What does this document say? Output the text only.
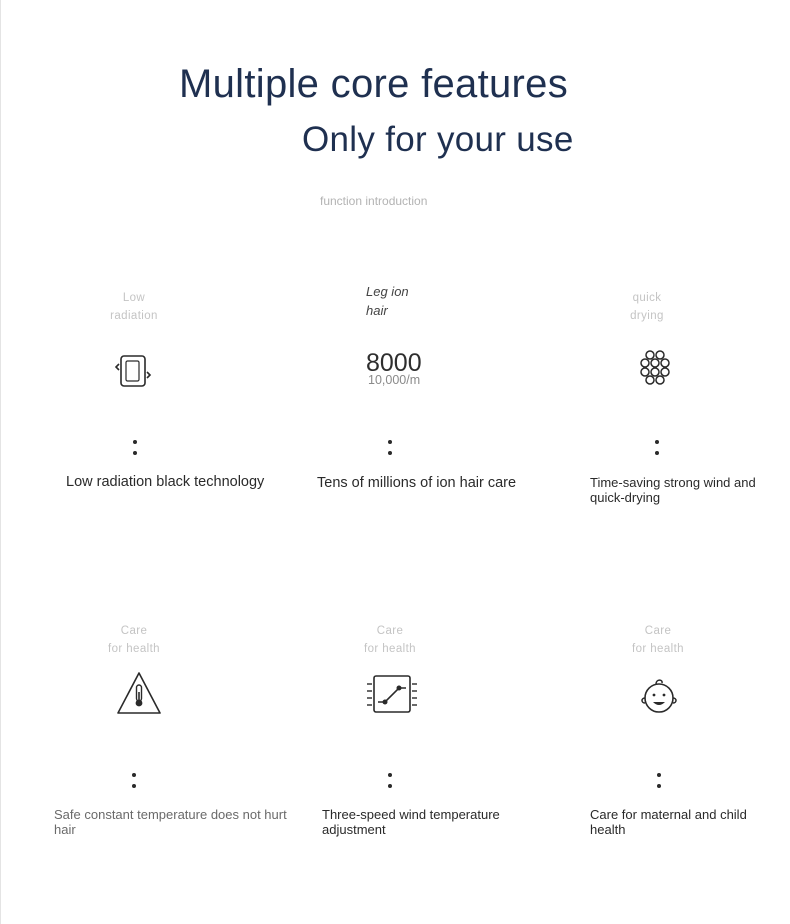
Multiple core features
Only for your use
function introduction
Low
radiation
Low radiation black technology
Leg ion
hair
8000
10,000/m
Tens of millions of ion hair care
quick
drying
Time-saving strong wind and
quick-drying
Care
for health
Safe constant temperature does not hurt
hair
Care
for health
Three-speed wind temperature
adjustment
Care
for health
Care for maternal and child
health
